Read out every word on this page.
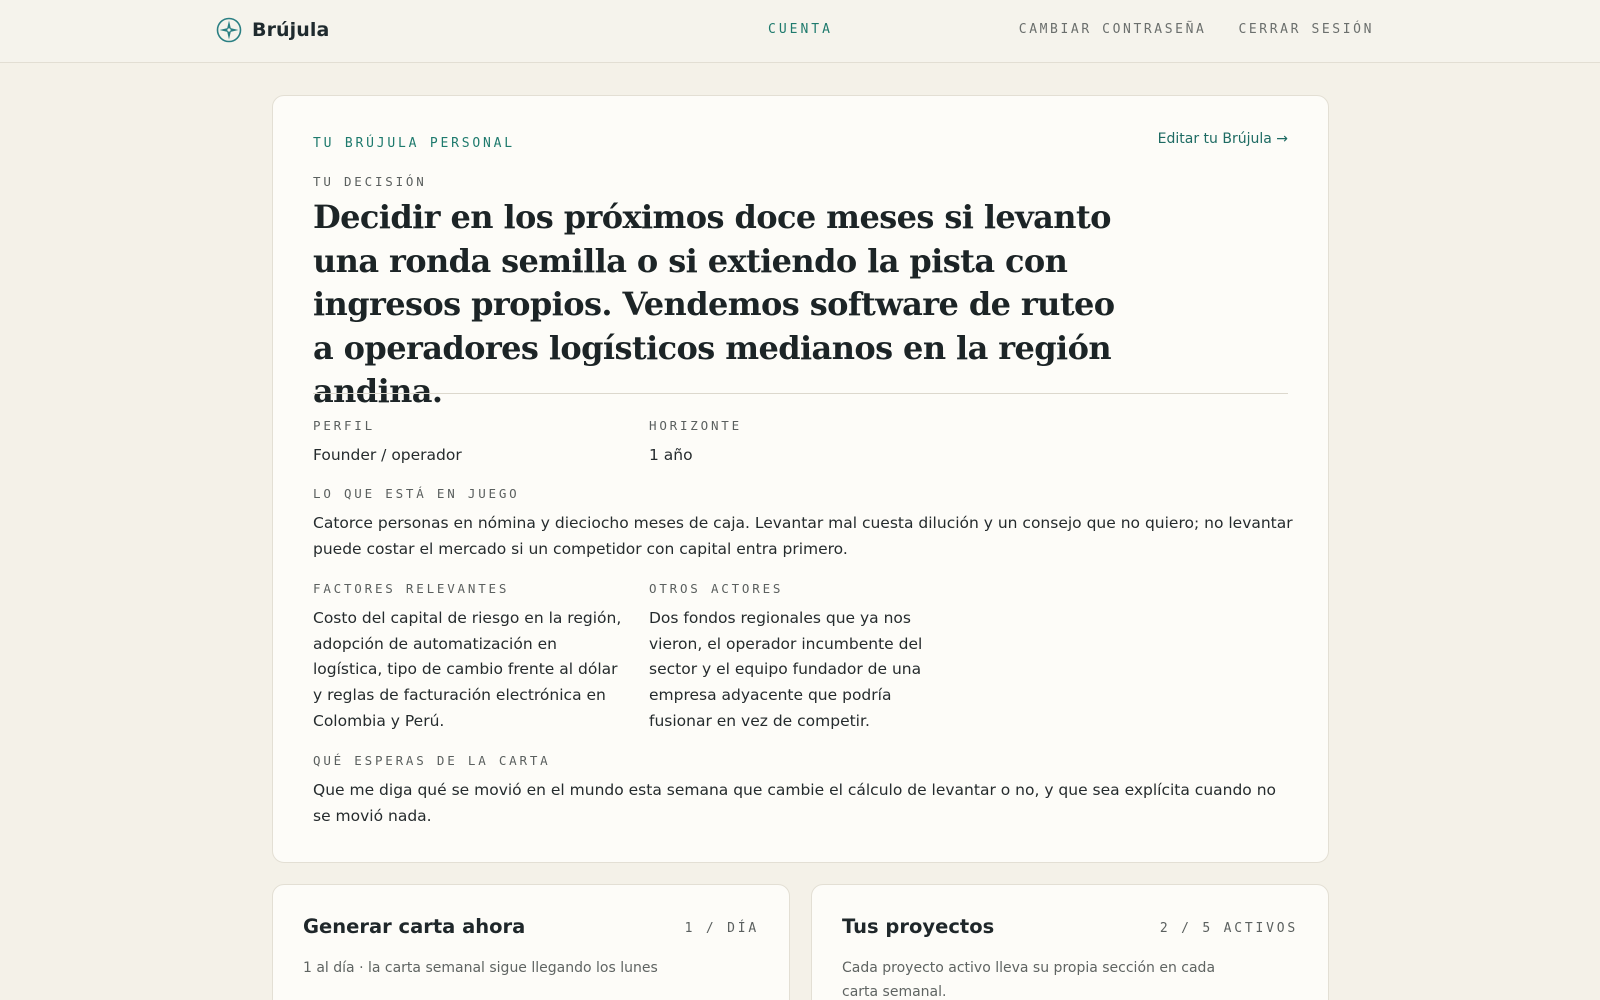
Brújula	CUENTA	CAMBIAR CONTRASEÑA CERRAR SESIÓN
TU BRÚJULA PERSONAL	Editar tu Brújula →
TU DECISIÓN
Decidir en los próximos doce meses si levanto una ronda semilla o si extiendo la pista con ingresos propios. Vendemos software de ruteo a operadores logísticos medianos en la región andina.
PERFIL
Founder / operador
HORIZONTE
1 año
LO QUE ESTÁ EN JUEGO
Catorce personas en nómina y dieciocho meses de caja. Levantar mal cuesta dilución y un consejo que no quiero; no levantar puede costar el mercado si un competidor con capital entra primero.
FACTORES RELEVANTES
Costo del capital de riesgo en la región, adopción de automatización en logística, tipo de cambio frente al dólar y reglas de facturación electrónica en Colombia y Perú.
OTROS ACTORES
Dos fondos regionales que ya nos vieron, el operador incumbente del sector y el equipo fundador de una empresa adyacente que podría fusionar en vez de competir.
QUÉ ESPERAS DE LA CARTA
Que me diga qué se movió en el mundo esta semana que cambie el cálculo de levantar o no, y que sea explícita cuando no se movió nada.
Generar carta ahora	1 / DÍA
1 al día · la carta semanal sigue llegando los lunes
Tus proyectos	2 / 5 ACTIVOS
Cada proyecto activo lleva su propia sección en cada carta semanal.
